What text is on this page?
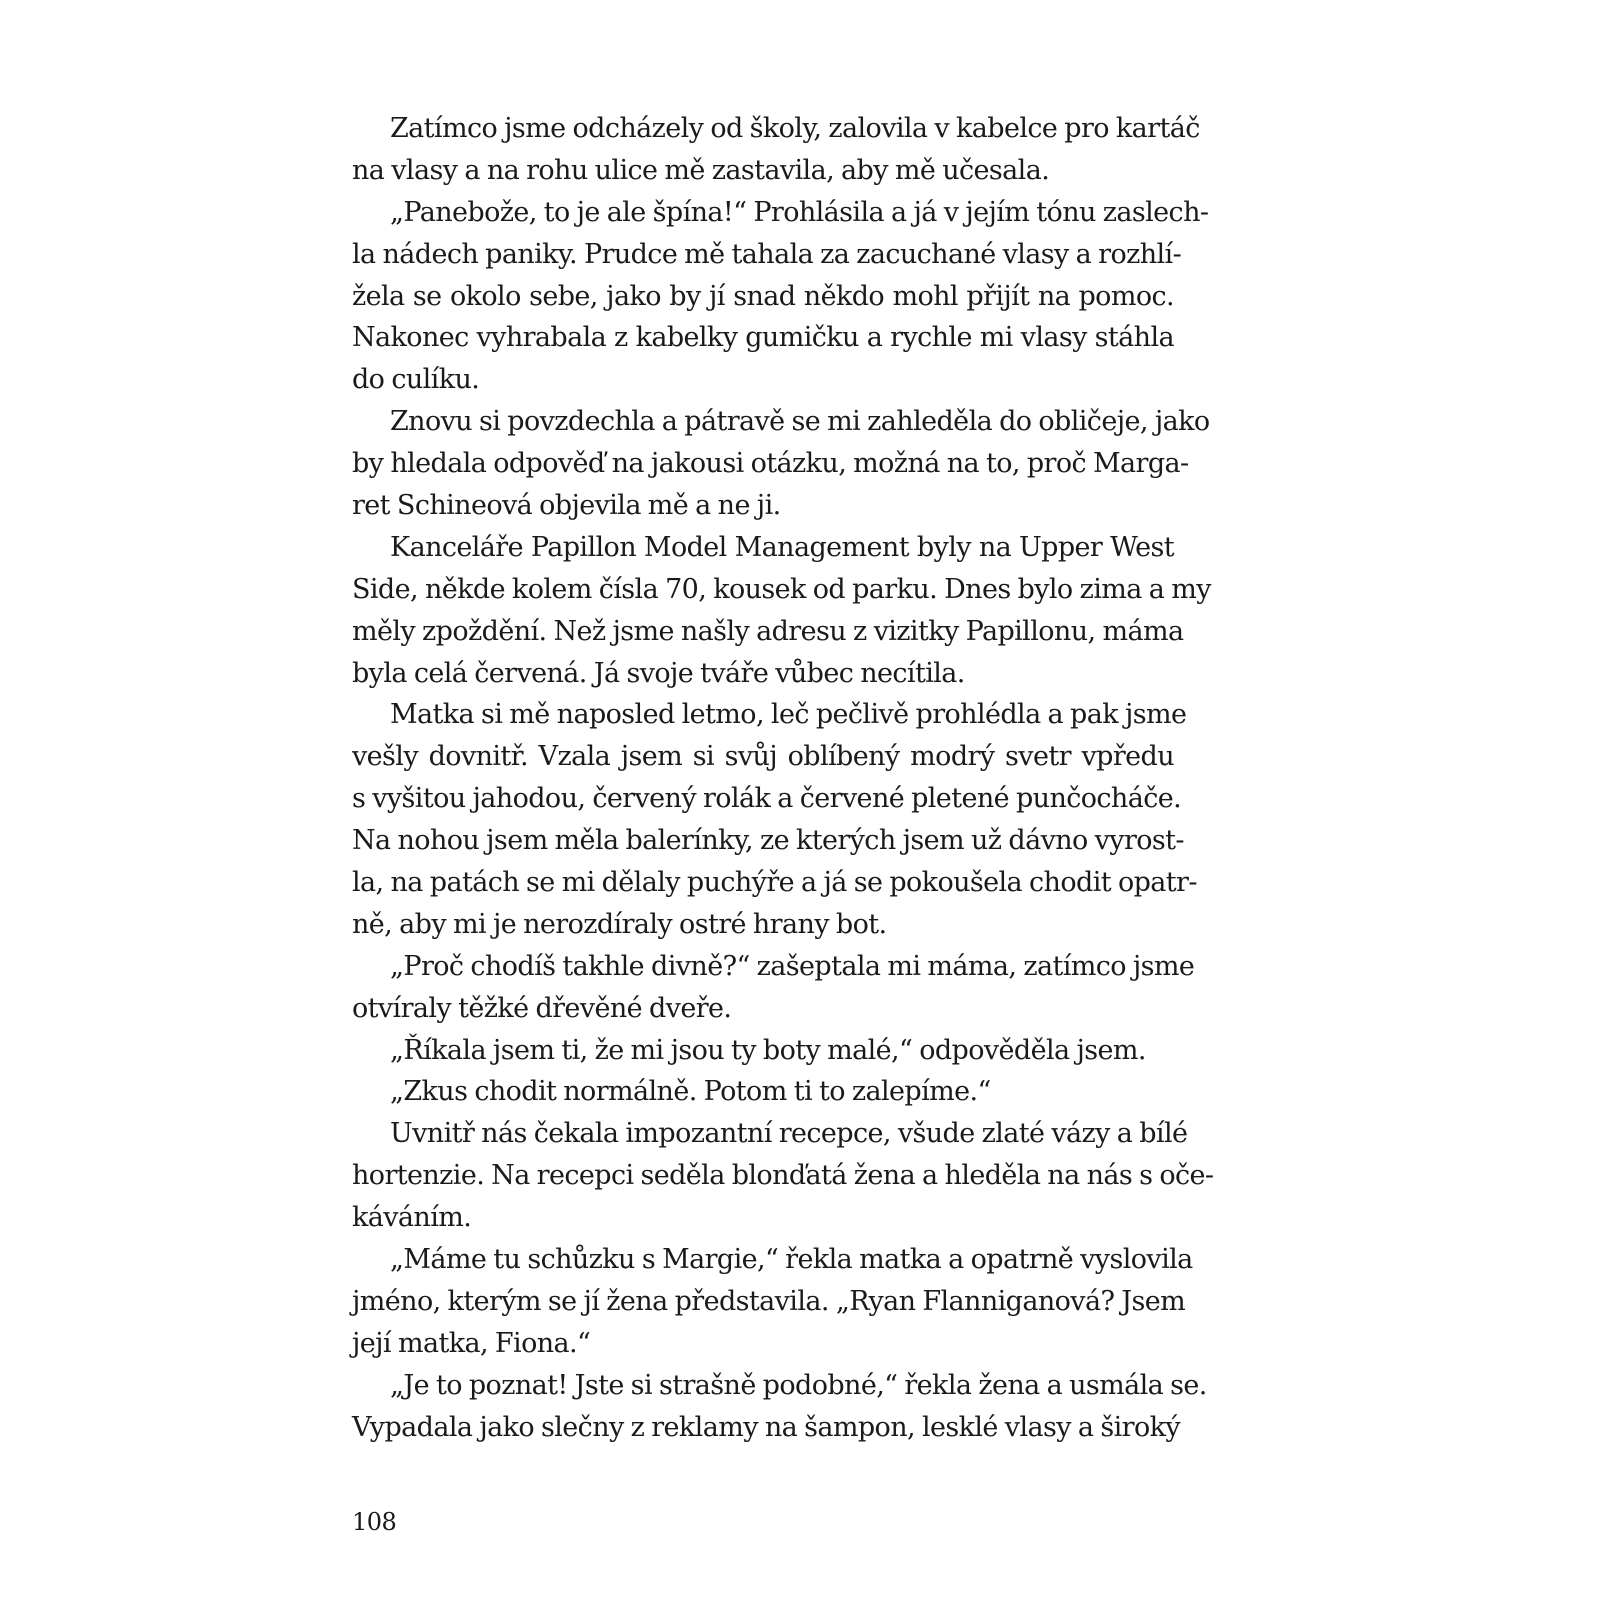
Zatímco jsme odcházely od školy, zalovila v kabelce pro kartáč
na vlasy a na rohu ulice mě zastavila, aby mě učesala.
„Panebože, to je ale špína!“ Prohlásila a já v jejím tónu zaslech-
la nádech paniky. Prudce mě tahala za zacuchané vlasy a rozhlí-
žela se okolo sebe, jako by jí snad někdo mohl přijít na pomoc.
Nakonec vyhrabala z kabelky gumičku a rychle mi vlasy stáhla
do culíku.
Znovu si povzdechla a pátravě se mi zahleděla do obličeje, jako
by hledala odpověď na jakousi otázku, možná na to, proč Marga-
ret Schineová objevila mě a ne ji.
Kanceláře Papillon Model Management byly na Upper West
Side, někde kolem čísla 70, kousek od parku. Dnes bylo zima a my
měly zpoždění. Než jsme našly adresu z vizitky Papillonu, máma
byla celá červená. Já svoje tváře vůbec necítila.
Matka si mě naposled letmo, leč pečlivě prohlédla a pak jsme
vešly dovnitř. Vzala jsem si svůj oblíbený modrý svetr vpředu
s vyšitou jahodou, červený rolák a červené pletené punčocháče.
Na nohou jsem měla balerínky, ze kterých jsem už dávno vyrost-
la, na patách se mi dělaly puchýře a já se pokoušela chodit opatr-
ně, aby mi je nerozdíraly ostré hrany bot.
„Proč chodíš takhle divně?“ zašeptala mi máma, zatímco jsme
otvíraly těžké dřevěné dveře.
„Říkala jsem ti, že mi jsou ty boty malé,“ odpověděla jsem.
„Zkus chodit normálně. Potom ti to zalepíme.“
Uvnitř nás čekala impozantní recepce, všude zlaté vázy a bílé
hortenzie. Na recepci seděla blonďatá žena a hleděla na nás s oče-
káváním.
„Máme tu schůzku s Margie,“ řekla matka a opatrně vyslovila
jméno, kterým se jí žena představila. „Ryan Flanniganová? Jsem
její matka, Fiona.“
„Je to poznat! Jste si strašně podobné,“ řekla žena a usmála se.
Vypadala jako slečny z reklamy na šampon, lesklé vlasy a široký
108
